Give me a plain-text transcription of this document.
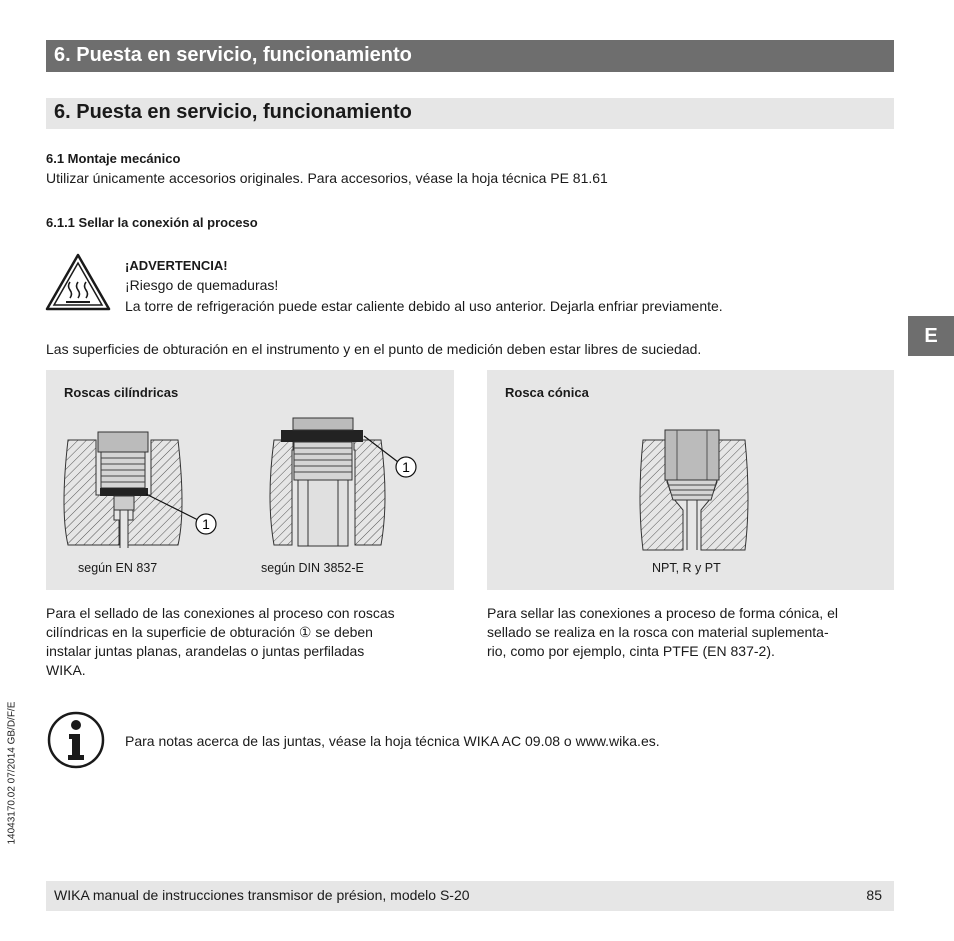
6. Puesta en servicio, funcionamiento
6. Puesta en servicio, funcionamiento
6.1 Montaje mecánico
Utilizar únicamente accesorios originales. Para accesorios, véase la hoja técnica PE 81.61
6.1.1 Sellar la conexión al proceso
¡ADVERTENCIA!
¡Riesgo de quemaduras!
La torre de refrigeración puede estar caliente debido al uso anterior. Dejarla enfriar previamente.
E
Las superficies de obturación en el instrumento y en el punto de medición deben estar libres de suciedad.
Roscas cilíndricas
1
1
según EN 837	según DIN 3852-E
Rosca cónica
NPT, R y PT
Para el sellado de las conexiones al proceso con roscas
cilíndricas en la superficie de obturación ① se deben
instalar juntas planas, arandelas o juntas perfiladas
WIKA.
Para sellar las conexiones a proceso de forma cónica, el
sellado se realiza en la rosca con material suplementa-
rio, como por ejemplo, cinta PTFE (EN 837-2).
Para notas acerca de las juntas, véase la hoja técnica WIKA AC 09.08 o www.wika.es.
14043170.02 07/2014 GB/D/F/E
WIKA manual de instrucciones transmisor de présion, modelo S-20	85
